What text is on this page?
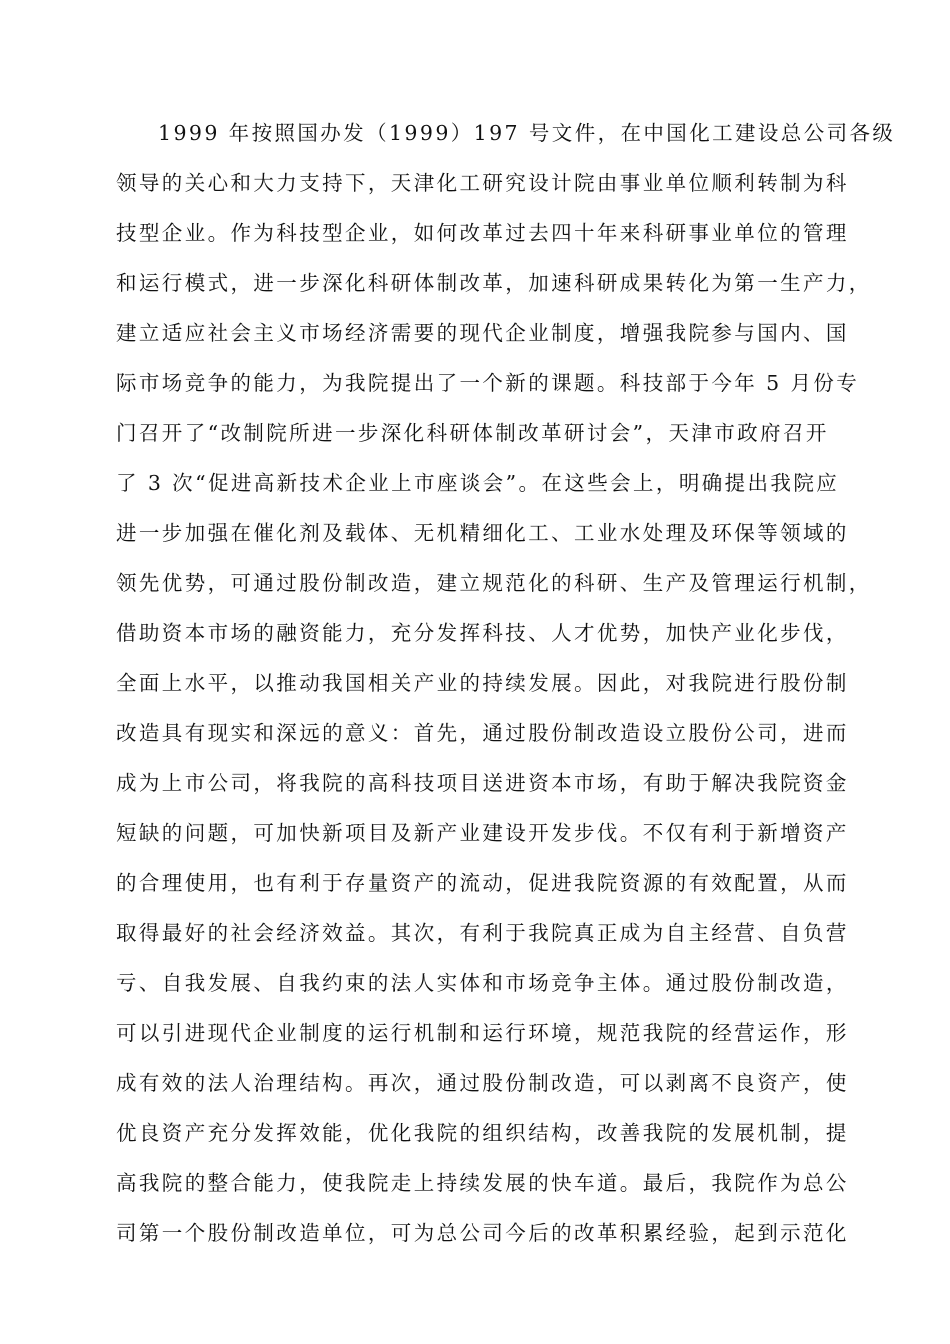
1999 年按照国办发（1999）197 号文件，在中国化工建设总公司各级
领导的关心和大力支持下，天津化工研究设计院由事业单位顺利转制为科
技型企业。作为科技型企业，如何改革过去四十年来科研事业单位的管理
和运行模式，进一步深化科研体制改革，加速科研成果转化为第一生产力，
建立适应社会主义市场经济需要的现代企业制度，增强我院参与国内、国
际市场竞争的能力，为我院提出了一个新的课题。科技部于今年 5 月份专
门召开了“改制院所进一步深化科研体制改革研讨会”，天津市政府召开
了 3 次“促进高新技术企业上市座谈会”。在这些会上，明确提出我院应
进一步加强在催化剂及载体、无机精细化工、工业水处理及环保等领域的
领先优势，可通过股份制改造，建立规范化的科研、生产及管理运行机制，
借助资本市场的融资能力，充分发挥科技、人才优势，加快产业化步伐，
全面上水平，以推动我国相关产业的持续发展。因此，对我院进行股份制
改造具有现实和深远的意义：首先，通过股份制改造设立股份公司，进而
成为上市公司，将我院的高科技项目送进资本市场，有助于解决我院资金
短缺的问题，可加快新项目及新产业建设开发步伐。不仅有利于新增资产
的合理使用，也有利于存量资产的流动，促进我院资源的有效配置，从而
取得最好的社会经济效益。其次，有利于我院真正成为自主经营、自负营
亏、自我发展、自我约束的法人实体和市场竞争主体。通过股份制改造，
可以引进现代企业制度的运行机制和运行环境，规范我院的经营运作，形
成有效的法人治理结构。再次，通过股份制改造，可以剥离不良资产，使
优良资产充分发挥效能，优化我院的组织结构，改善我院的发展机制，提
高我院的整合能力，使我院走上持续发展的快车道。最后，我院作为总公
司第一个股份制改造单位，可为总公司今后的改革积累经验，起到示范化
